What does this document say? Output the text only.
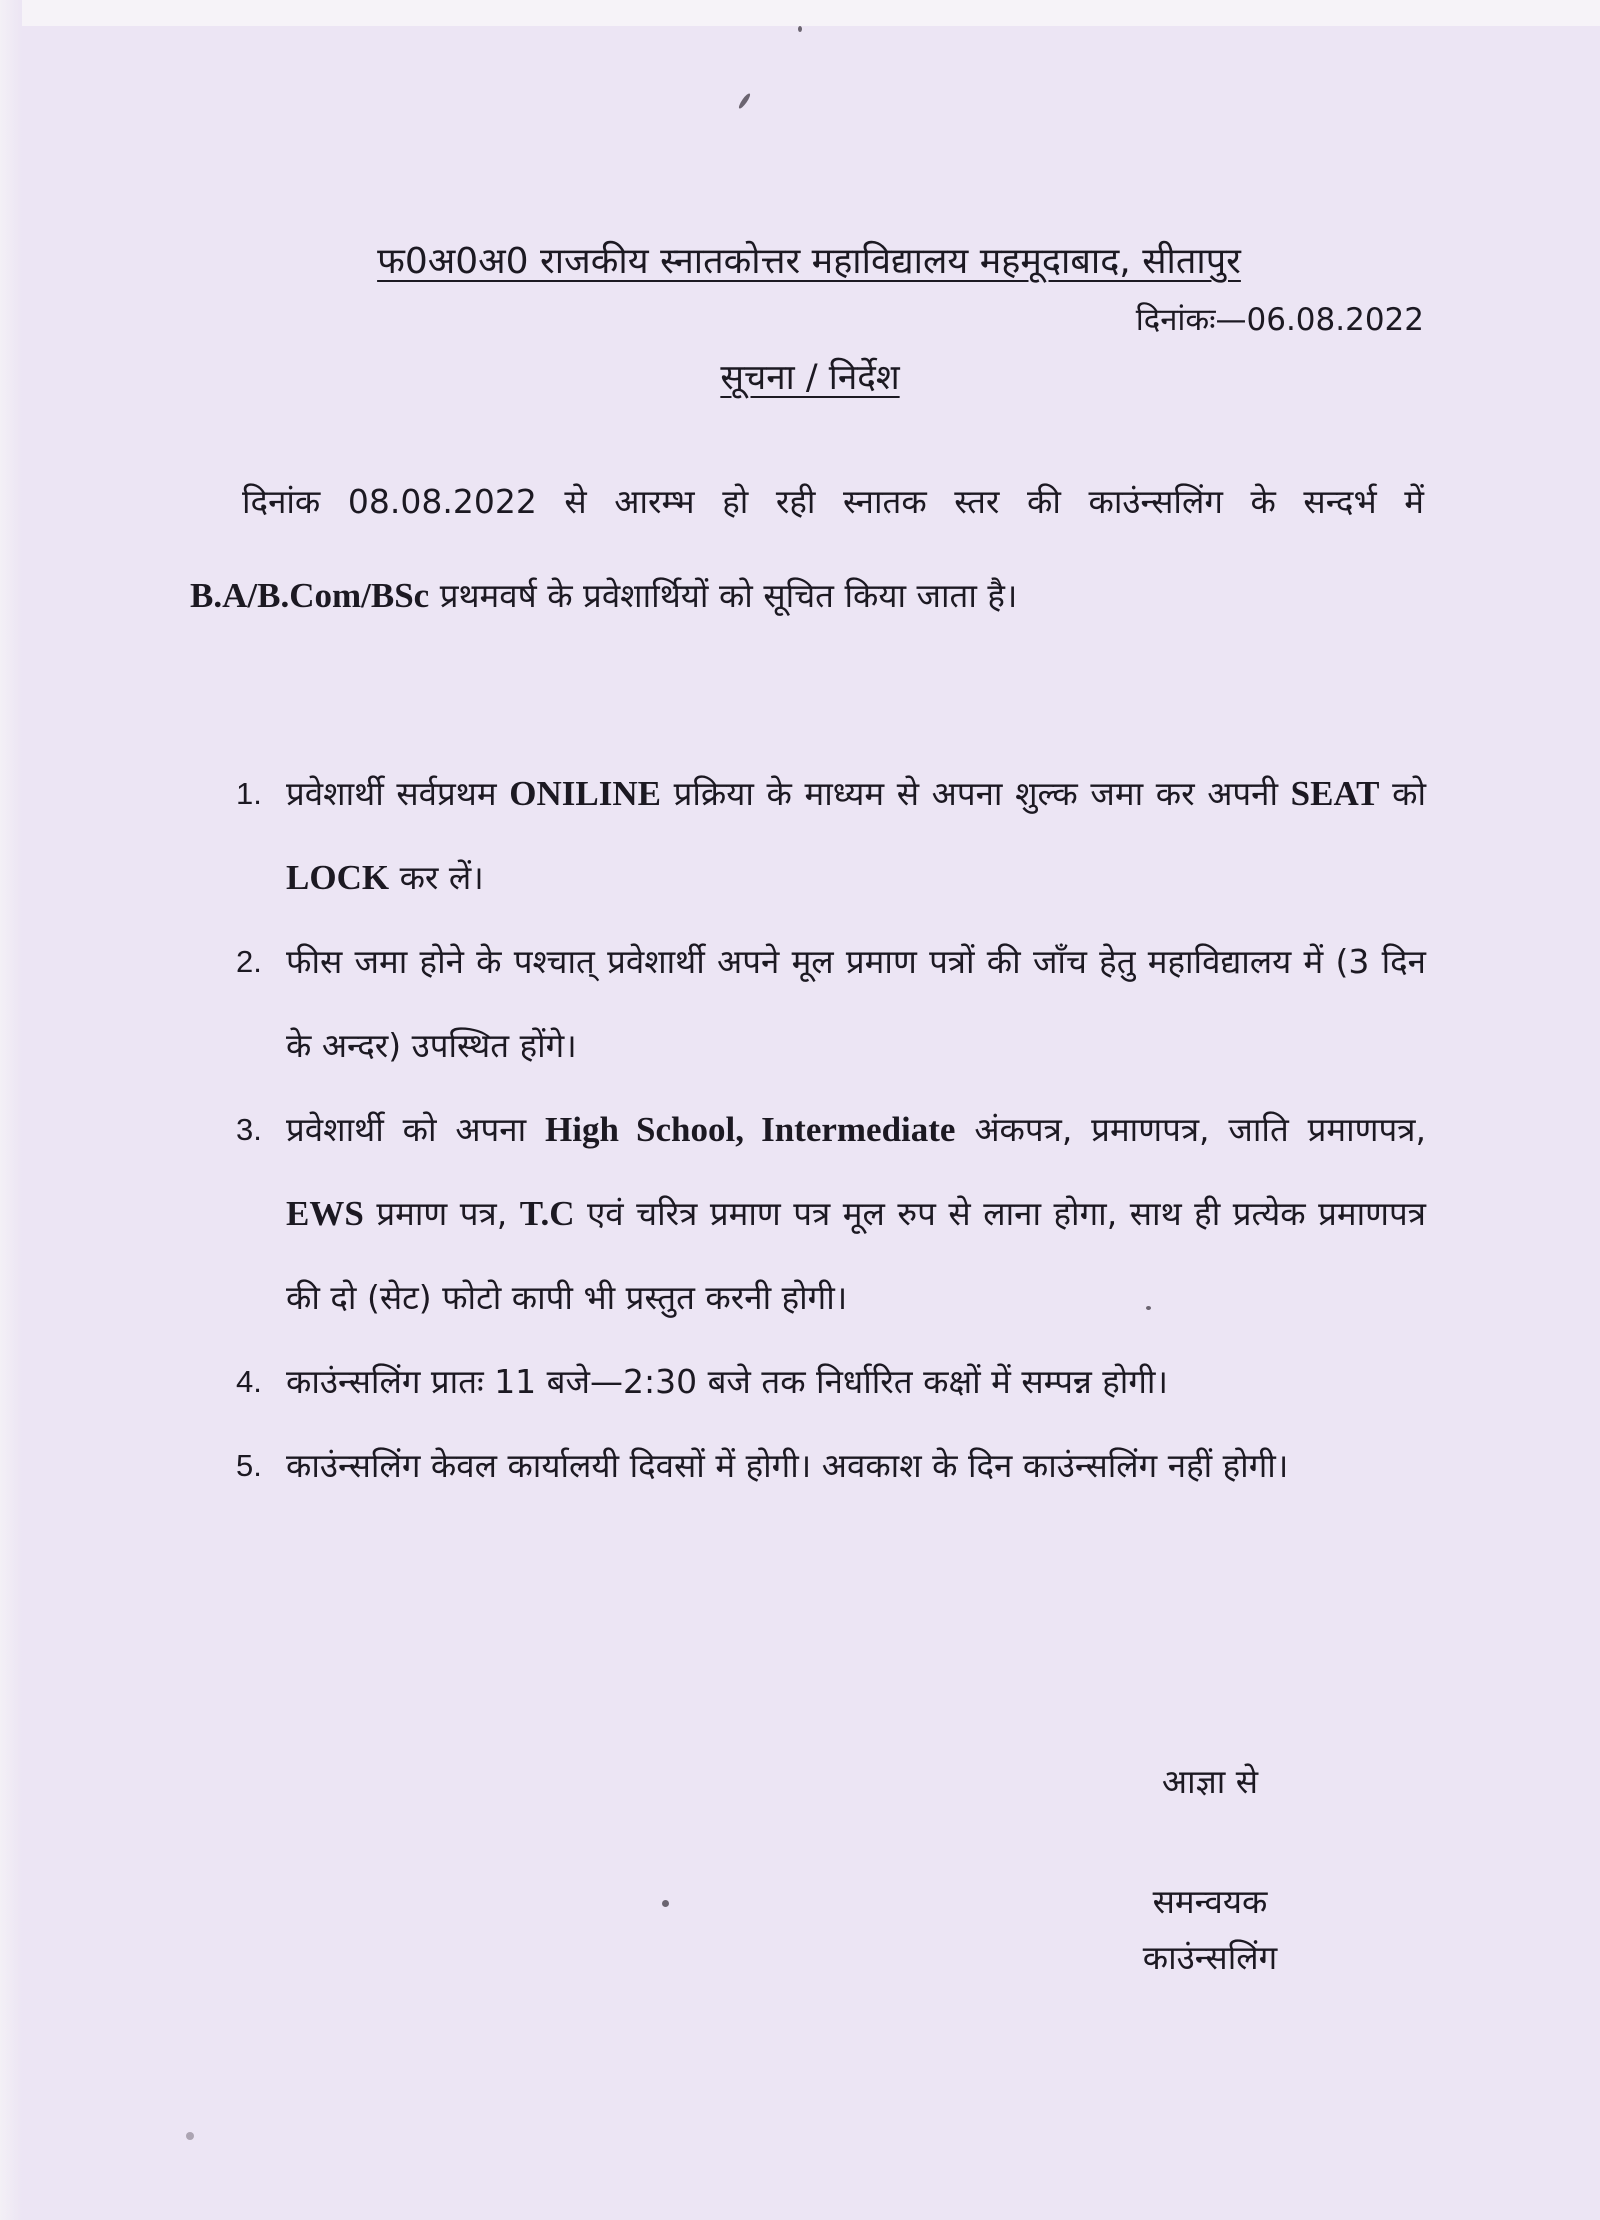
फ0अ0अ0 राजकीय स्नातकोत्तर महाविद्यालय महमूदाबाद, सीतापुर
दिनांकः—06.08.2022
सूचना / निर्देश

दिनांक 08.08.2022 से आरम्भ हो रही स्नातक स्तर की काउंन्सलिंग के सन्दर्भ में B.A/B.Com/BSc प्रथमवर्ष के प्रवेशार्थियों को सूचित किया जाता है।

1. प्रवेशार्थी सर्वप्रथम ONILINE प्रक्रिया के माध्यम से अपना शुल्क जमा कर अपनी SEAT को LOCK कर लें।

2. फीस जमा होने के पश्चात् प्रवेशार्थी अपने मूल प्रमाण पत्रों की जाँच हेतु महाविद्यालय में (3 दिन के अन्दर) उपस्थित होंगे।

3. प्रवेशार्थी को अपना High School, Intermediate अंकपत्र, प्रमाणपत्र, जाति प्रमाणपत्र, EWS प्रमाण पत्र, T.C एवं चरित्र प्रमाण पत्र मूल रुप से लाना होगा, साथ ही प्रत्येक प्रमाणपत्र की दो (सेट) फोटो कापी भी प्रस्तुत करनी होगी।

4. काउंन्सलिंग प्रातः 11 बजे—2:30 बजे तक निर्धारित कक्षों में सम्पन्न होगी।

5. काउंन्सलिंग केवल कार्यालयी दिवसों में होगी। अवकाश के दिन काउंन्सलिंग नहीं होगी।

आज्ञा से
समन्वयक
काउंन्सलिंग
